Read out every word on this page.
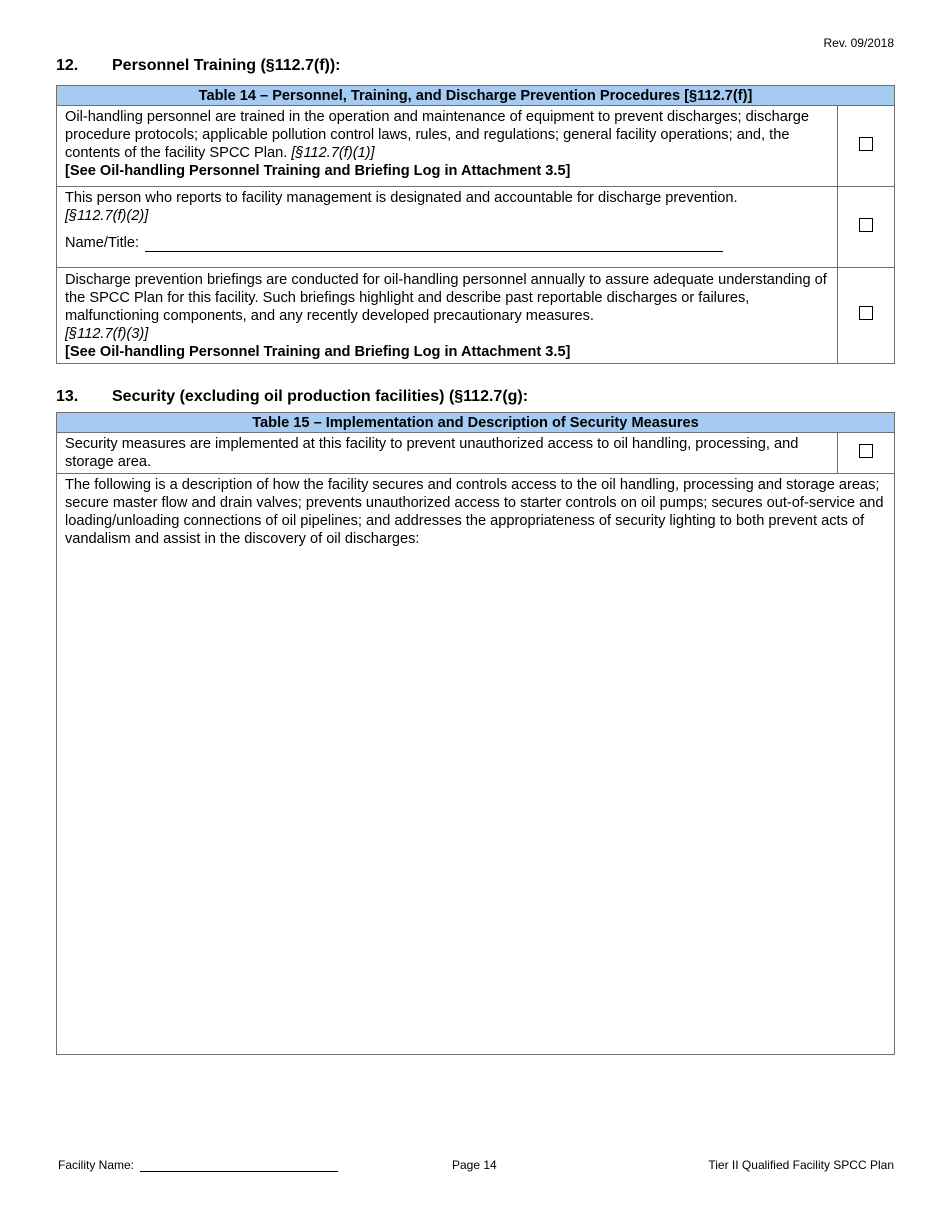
Rev. 09/2018
12. Personnel Training (§112.7(f)):
Table 14 – Personnel, Training, and Discharge Prevention Procedures [§112.7(f)]	
Oil-handling personnel are trained in the operation and maintenance of equipment to prevent discharges; discharge procedure protocols; applicable pollution control laws, rules, and regulations; general facility operations; and, the contents of the facility SPCC Plan. [§112.7(f)(1)]
[See Oil-handling Personnel Training and Briefing Log in Attachment 3.5]	
This person who reports to facility management is designated and accountable for discharge prevention.
[§112.7(f)(2)]
Name/Title:	

Discharge prevention briefings are conducted for oil-handling personnel annually to assure adequate understanding of the SPCC Plan for this facility. Such briefings highlight and describe past reportable discharges or failures, malfunctioning components, and any recently developed precautionary measures.
[§112.7(f)(3)]
[See Oil-handling Personnel Training and Briefing Log in Attachment 3.5]	
13. Security (excluding oil production facilities) (§112.7(g):
Table 15 – Implementation and Description of Security Measures
Security measures are implemented at this facility to prevent unauthorized access to oil handling, processing, and storage area.	
The following is a description of how the facility secures and controls access to the oil handling, processing and storage areas; secure master flow and drain valves; prevents unauthorized access to starter controls on oil pumps; secures out-of-service and loading/unloading connections of oil pipelines; and addresses the appropriateness of security lighting to both prevent acts of vandalism and assist in the discovery of oil discharges:
Facility Name:	Page 14	Tier II Qualified Facility SPCC Plan
